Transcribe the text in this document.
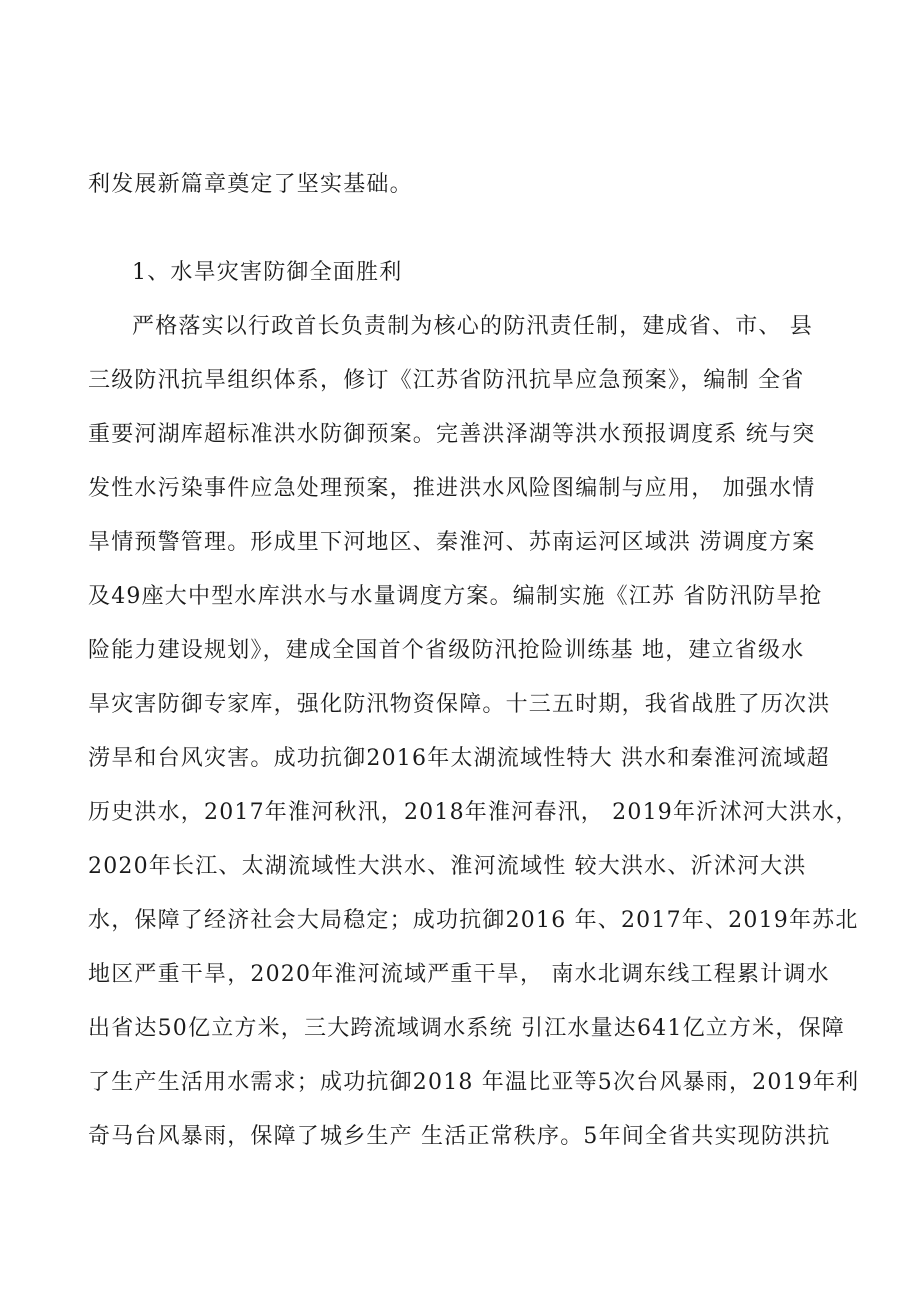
利发展新篇章奠定了坚实基础。
1、水旱灾害防御全面胜利
严格落实以行政首长负责制为核心的防汛责任制，建成省、市、 县
三级防汛抗旱组织体系，修订《江苏省防汛抗旱应急预案》，编制 全省
重要河湖库超标准洪水防御预案。完善洪泽湖等洪水预报调度系 统与突
发性水污染事件应急处理预案，推进洪水风险图编制与应用， 加强水情
旱情预警管理。形成里下河地区、秦淮河、苏南运河区域洪 涝调度方案
及49座大中型水库洪水与水量调度方案。编制实施《江苏 省防汛防旱抢
险能力建设规划》，建成全国首个省级防汛抢险训练基 地，建立省级水
旱灾害防御专家库，强化防汛物资保障。十三五时期，我省战胜了历次洪
涝旱和台风灾害。成功抗御2016年太湖流域性特大 洪水和秦淮河流域超
历史洪水，2017年淮河秋汛，2018年淮河春汛， 2019年沂沭河大洪水，
2020年长江、太湖流域性大洪水、淮河流域性 较大洪水、沂沭河大洪
水，保障了经济社会大局稳定；成功抗御2016 年、2017年、2019年苏北
地区严重干旱，2020年淮河流域严重干旱， 南水北调东线工程累计调水
出省达50亿立方米，三大跨流域调水系统 引江水量达641亿立方米，保障
了生产生活用水需求；成功抗御2018 年温比亚等5次台风暴雨，2019年利
奇马台风暴雨，保障了城乡生产 生活正常秩序。5年间全省共实现防洪抗
